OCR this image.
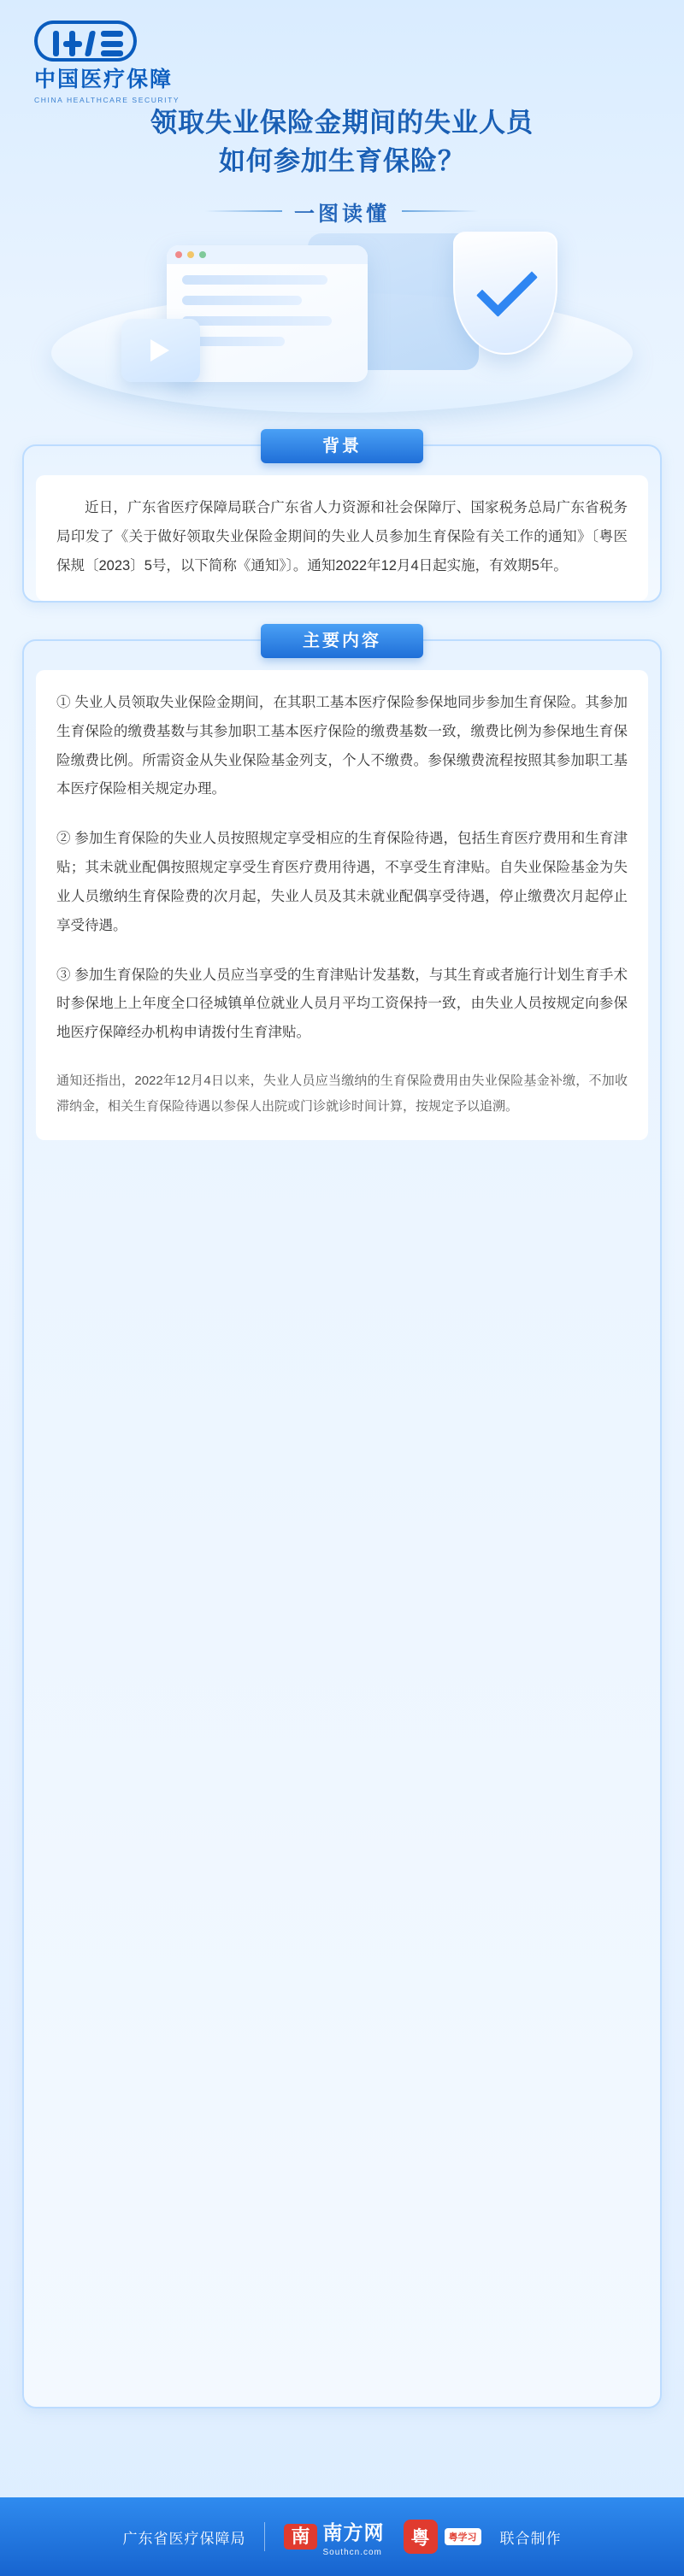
中国医疗保障
CHINA HEALTHCARE SECURITY
领取失业保险金期间的失业人员
如何参加生育保险？
一图读懂
背景

近日，广东省医疗保障局联合广东省人力资源和社会保障厅、国家税务总局广东省税务局印发了《关于做好领取失业保险金期间的失业人员参加生育保险有关工作的通知》〔粤医保规〔2023〕5号，以下简称《通知》〕。通知2022年12月4日起实施，有效期5年。

主要内容

① 失业人员领取失业保险金期间，在其职工基本医疗保险参保地同步参加生育保险。其参加生育保险的缴费基数与其参加职工基本医疗保险的缴费基数一致，缴费比例为参保地生育保险缴费比例。所需资金从失业保险基金列支，个人不缴费。参保缴费流程按照其参加职工基本医疗保险相关规定办理。

② 参加生育保险的失业人员按照规定享受相应的生育保险待遇，包括生育医疗费用和生育津贴；其未就业配偶按照规定享受生育医疗费用待遇，不享受生育津贴。自失业保险基金为失业人员缴纳生育保险费的次月起，失业人员及其未就业配偶享受待遇，停止缴费次月起停止享受待遇。

③ 参加生育保险的失业人员应当享受的生育津贴计发基数，与其生育或者施行计划生育手术时参保地上上年度全口径城镇单位就业人员月平均工资保持一致，由失业人员按规定向参保地医疗保障经办机构申请拨付生育津贴。

通知还指出，2022年12月4日以来，失业人员应当缴纳的生育保险费用由失业保险基金补缴，不加收滞纳金，相关生育保险待遇以参保人出院或门诊就诊时间计算，按规定予以追溯。

广东省医疗保障局	南 南方网
Southcn.com
粤	粤学习 联合制作
